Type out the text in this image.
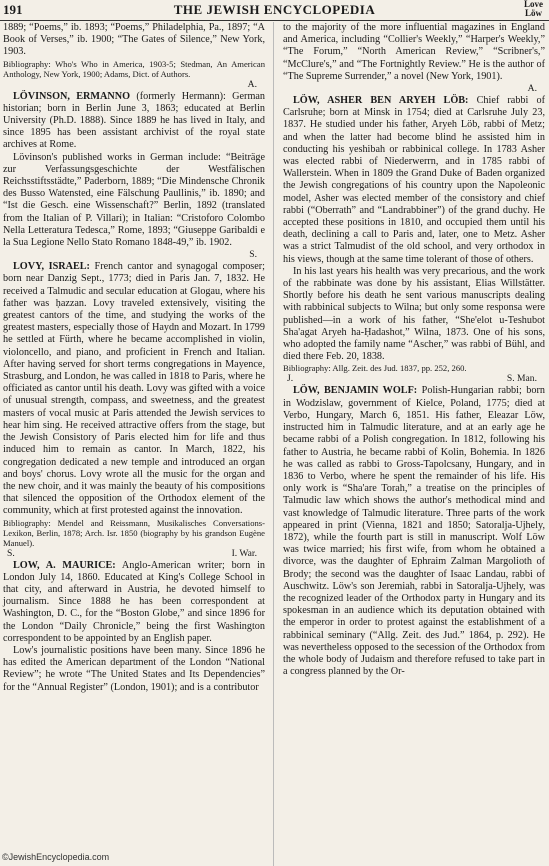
191	THE JEWISH ENCYCLOPEDIA	Love
Löw

1889; “Poems,” ib. 1893; “Poems,” Philadelphia, Pa., 1897; “A Book of Verses,” ib. 1900; “The Gates of Silence,” New York, 1903.

Bibliography: Who's Who in America, 1903-5; Stedman, An American Anthology, New York, 1900; Adams, Dict. of Authors.

A.

LÖVINSON, ERMANNO (formerly Hermann): German historian; born in Berlin June 3, 1863; educated at Berlin University (Ph.D. 1888). Since 1889 he has lived in Italy, and since 1895 has been assistant archivist of the royal state archives at Rome.

Lövinson's published works in German include: “Beiträge zur Verfassungsgeschichte der Westfälischen Reichsstiftsstädte,” Paderborn, 1889; “Die Mindensche Chronik des Busso Watensted, eine Fälschung Paullinis,” ib. 1890; and “Ist die Gesch. eine Wissenschaft?” Berlin, 1892 (translated from the Italian of P. Villari); in Italian: “Cristoforo Colombo Nella Letteratura Tedesca,” Rome, 1893; “Giuseppe Garibaldi e la Sua Legione Nello Stato Romano 1848-49,” ib. 1902.

S.

LOVY, ISRAEL: French cantor and synagogal composer; born near Danzig Sept., 1773; died in Paris Jan. 7, 1832. He received a Talmudic and secular education at Glogau, where his father was ḥazzan. Lovy traveled extensively, visiting the greatest cantors of the time, and studying the works of the greatest masters, especially those of Haydn and Mozart. In 1799 he settled at Fürth, where he became accomplished in violin, violoncello, and piano, and proficient in French and Italian. After having served for short terms congregations in Mayence, Strasburg, and London, he was called in 1818 to Paris, where he officiated as cantor until his death. Lovy was gifted with a voice of unusual strength, compass, and sweetness, and the greatest masters of vocal music at Paris attended the Jewish services to hear him sing. He received attractive offers from the stage, but the Jewish Consistory of Paris elected him for life and thus induced him to remain as cantor. In March, 1822, his congregation dedicated a new temple and introduced an organ and boys' chorus. Lovy wrote all the music for the organ and the new choir, and it was mainly the beauty of his compositions that silenced the opposition of the Orthodox element of the community, which at first protested against the innovation.

Bibliography: Mendel and Reissmann, Musikalisches Conversations-Lexikon, Berlin, 1878; Arch. Isr. 1850 (biography by his grandson Eugène Manuel).

S.	I. War.

LOW, A. MAURICE: Anglo-American writer; born in London July 14, 1860. Educated at King's College School in that city, and afterward in Austria, he devoted himself to journalism. Since 1888 he has been correspondent at Washington, D. C., for the “Boston Globe,” and since 1896 for the London “Daily Chronicle,” being the first Washington correspondent to be appointed by an English paper.

Low's journalistic positions have been many. Since 1896 he has edited the American department of the London “National Review”; he wrote “The United States and Its Dependencies” for the “Annual Register” (London, 1901); and is a contributor

to the majority of the more influential magazines in England and America, including “Collier's Weekly,” “Harper's Weekly,” “The Forum,” “North American Review,” “Scribner's,” “McClure's,” and “The Fortnightly Review.” He is the author of “The Supreme Surrender,” a novel (New York, 1901).

A.

LÖW, ASHER BEN ARYEH LÖB: Chief rabbi of Carlsruhe; born at Minsk in 1754; died at Carlsruhe July 23, 1837. He studied under his father, Aryeh Löb, rabbi of Metz; and when the latter had become blind he assisted him in conducting his yeshibah or rabbinical college. In 1783 Asher was elected rabbi of Niederwerrn, and in 1785 rabbi of Wallerstein. When in 1809 the Grand Duke of Baden organized the Jewish congregations of his country upon the Napoleonic model, Asher was elected member of the consistory and chief rabbi (“Oberrath” and “Landrabbiner”) of the grand duchy. He accepted these positions in 1810, and occupied them until his death, declining a call to Paris and, later, one to Metz. Asher was a strict Talmudist of the old school, and very orthodox in his views, though at the same time tolerant of those of others.

In his last years his health was very precarious, and the work of the rabbinate was done by his assistant, Elias Willstätter. Shortly before his death he sent various manuscripts dealing with rabbinical subjects to Wilna; but only some responsa were published—in a work of his father, “She'elot u-Teshubot Sha'agat Aryeh ha-Ḥadashot,” Wilna, 1873. One of his sons, who adopted the family name “Ascher,” was rabbi of Bühl, and died there Feb. 20, 1838.

Bibliography: Allg. Zeit. des Jud. 1837, pp. 252, 260.

J.	S. Man.

LÖW, BENJAMIN WOLF: Polish-Hungarian rabbi; born in Wodzislaw, government of Kielce, Poland, 1775; died at Verbo, Hungary, March 6, 1851. His father, Eleazar Löw, instructed him in Talmudic literature, and at an early age he became rabbi of a Polish congregation. In 1812, following his father to Austria, he became rabbi of Kolin, Bohemia. In 1826 he was called as rabbi to Gross-Tapolcsany, Hungary, and in 1836 to Verbo, where he spent the remainder of his life. His only work is “Sha'are Torah,” a treatise on the principles of Talmudic law which shows the author's methodical mind and vast knowledge of Talmudic literature. Three parts of the work appeared in print (Vienna, 1821 and 1850; Satoralja-Ujhely, 1872), while the fourth part is still in manuscript. Wolf Löw was twice married; his first wife, from whom he obtained a divorce, was the daughter of Ephraim Zalman Margolioth of Brody; the second was the daughter of Isaac Landau, rabbi of Auschwitz. Löw's son Jeremiah, rabbi in Satoralja-Ujhely, was the recognized leader of the Orthodox party in Hungary and its spokesman in an audience which its deputation obtained with the emperor in order to protest against the establishment of a rabbinical seminary (“Allg. Zeit. des Jud.” 1864, p. 292). He was nevertheless opposed to the secession of the Orthodox from the whole body of Judaism and therefore refused to take part in a congress planned by the Or-

©JewishEncyclopedia.com
